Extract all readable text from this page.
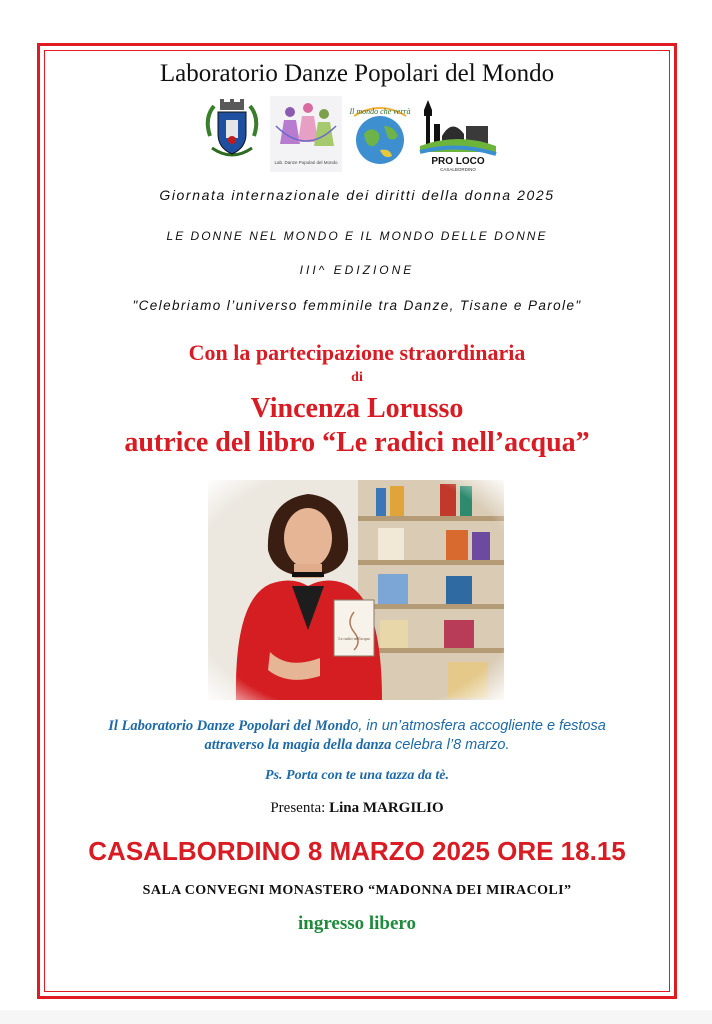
Laboratorio Danze Popolari del Mondo
Lab. Danze Popolari del Mondo
Il mondo che verrà
PRO LOCO
CASALBORDINO
Giornata internazionale dei diritti della donna 2025
LE DONNE NEL MONDO E IL MONDO DELLE DONNE
III^ EDIZIONE
"Celebriamo l’universo femminile tra Danze, Tisane e Parole"
Con la partecipazione straordinaria
di
Vincenza Lorusso
autrice del libro “Le radici nell’acqua”
Il Laboratorio Danze Popolari del Mondo, in un’atmosfera accogliente e festosa
attraverso la magia della danza celebra l’8 marzo.
Ps. Porta con te una tazza da tè.
Presenta: Lina MARGILIO
CASALBORDINO 8 MARZO 2025 ORE 18.15
SALA CONVEGNI MONASTERO “MADONNA DEI MIRACOLI”
ingresso libero
